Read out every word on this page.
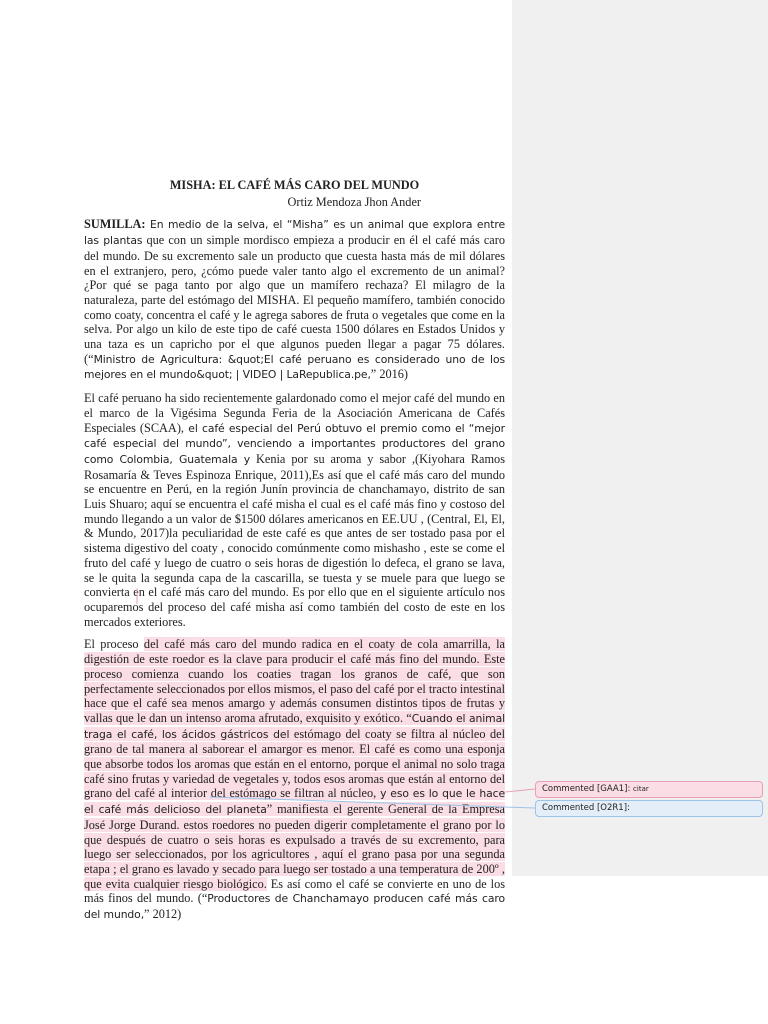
MISHA: EL CAFÉ MÁS CARO DEL MUNDO
Ortiz Mendoza Jhon Ander

SUMILLA: En medio de la selva, el “Misha” es un animal que explora entre las plantas que con un simple mordisco empieza a producir en él el café más caro del mundo. De su excremento sale un producto que cuesta hasta más de mil dólares en el extranjero, pero, ¿cómo puede valer tanto algo el excremento de un animal? ¿Por qué se paga tanto por algo que un mamífero rechaza? El milagro de la naturaleza, parte del estómago del MISHA. El pequeño mamífero, también conocido como coaty, concentra el café y le agrega sabores de fruta o vegetales que come en la selva. Por algo un kilo de este tipo de café cuesta 1500 dólares en Estados Unidos y una taza es un capricho por el que algunos pueden llegar a pagar 75 dólares.(“Ministro de Agricultura: &quot;El café peruano es considerado uno de los mejores en el mundo&quot; | VIDEO | LaRepublica.pe,” 2016)

El café peruano ha sido recientemente galardonado como el mejor café del mundo en el marco de la Vigésima Segunda Feria de la Asociación Americana de Cafés Especiales (SCAA), el café especial del Perú obtuvo el premio como el “mejor café especial del mundo”, venciendo a importantes productores del grano como Colombia, Guatemala y Kenia por su aroma y sabor ,(Kiyohara Ramos Rosamaría & Teves Espinoza Enrique, 2011),Es así que el café más caro del mundo se encuentre en Perú, en la región Junín provincia de chanchamayo, distrito de san Luis Shuaro; aquí se encuentra el café misha el cual es el café más fino y costoso del mundo llegando a un valor de $1500 dólares americanos en EE.UU , (Central, El, El, & Mundo, 2017)la peculiaridad de este café es que antes de ser tostado pasa por el sistema digestivo del coaty , conocido comúnmente como mishasho , este se come el fruto del café y luego de cuatro o seis horas de digestión lo defeca, el grano se lava, se le quita la segunda capa de la cascarilla, se tuesta y se muele para que luego se convierta en el café más caro del mundo. Es por ello que en el siguiente artículo nos ocuparemos del proceso del café misha así como también del costo de este en los mercados exteriores.

El proceso del café más caro del mundo radica en el coaty de cola amarrilla, la digestión de este roedor es la clave para producir el café más fino del mundo. Este proceso comienza cuando los coaties tragan los granos de café, que son perfectamente seleccionados por ellos mismos, el paso del café por el tracto intestinal hace que el café sea menos amargo y además consumen distintos tipos de frutas y vallas que le dan un intenso aroma afrutado, exquisito y exótico. “Cuando el animal traga el café, los ácidos gástricos del estómago del coaty se filtra al núcleo del grano de tal manera al saborear el amargor es menor. El café es como una esponja que absorbe todos los aromas que están en el entorno, porque el animal no solo traga café sino frutas y variedad de vegetales y, todos esos aromas que están al entorno del grano del café al interior del estómago se filtran al núcleo, y eso es lo que le hace el café más delicioso del planeta” manifiesta el gerente General de la Empresa José Jorge Durand. estos roedores no pueden digerir completamente el grano por lo que después de cuatro o seis horas es expulsado a través de su excremento, para luego ser seleccionados, por los agricultores , aquí el grano pasa por una segunda etapa ; el grano es lavado y secado para luego ser tostado a una temperatura de 200º , que evita cualquier riesgo biológico. Es así como el café se convierte en uno de los más finos del mundo. (“Productores de Chanchamayo producen café más caro del mundo,” 2012)

Commented [GAA1]: citar
Commented [O2R1]:
